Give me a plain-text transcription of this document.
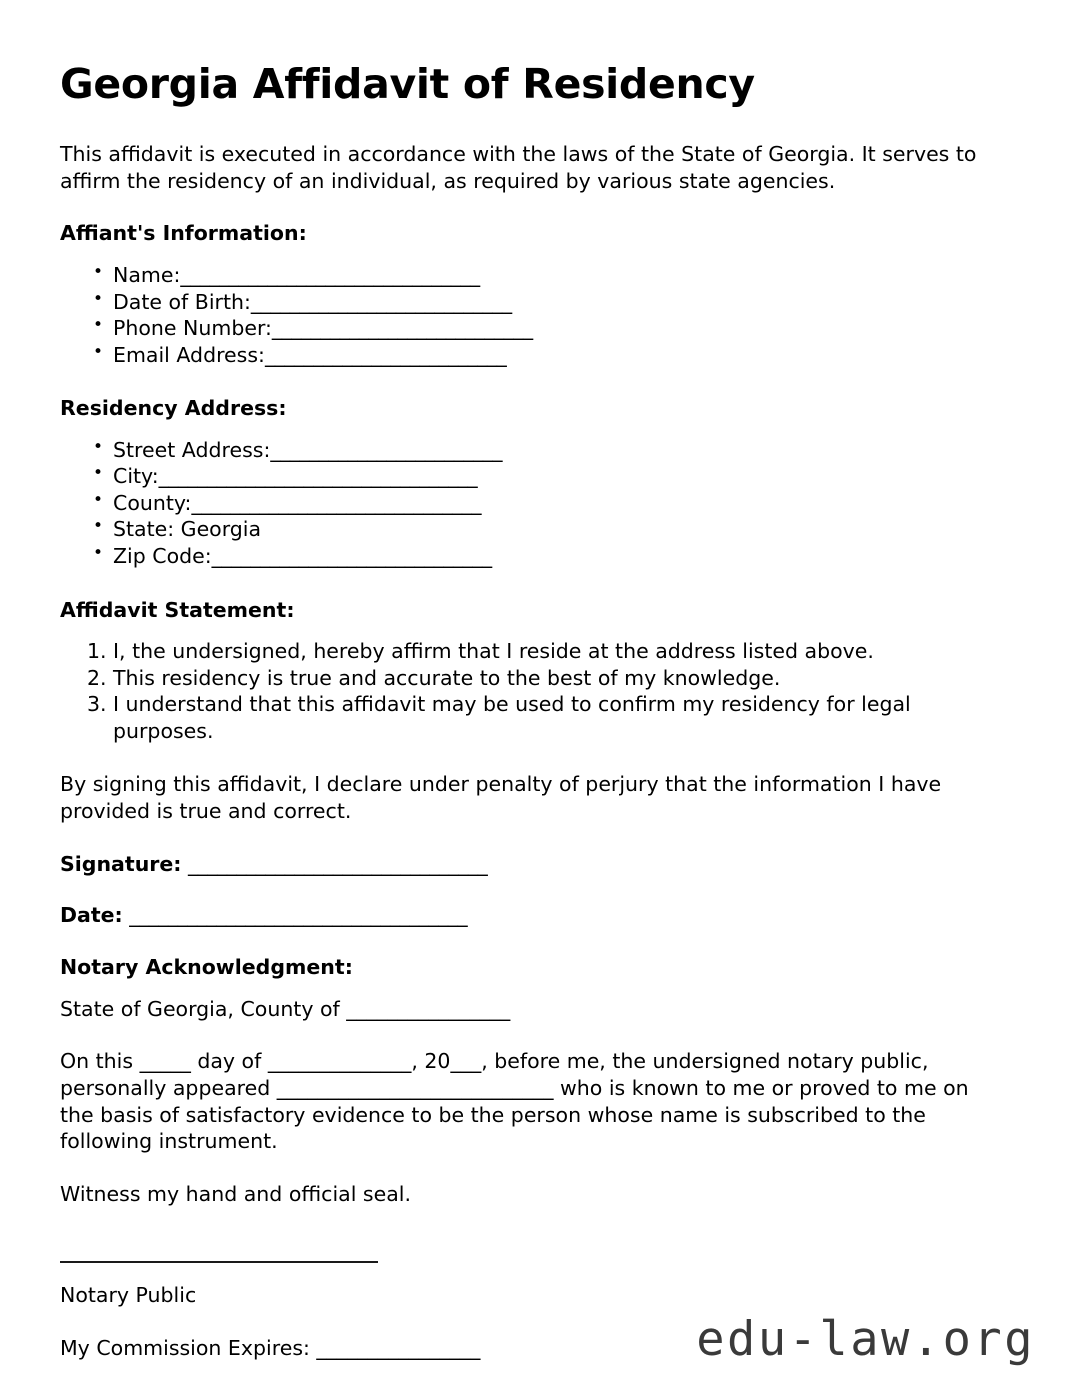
Georgia Affidavit of Residency

This affidavit is executed in accordance with the laws of the State of Georgia. It serves to affirm the residency of an individual, as required by various state agencies.

Affiant's Information:
• Name:_______________________________
• Date of Birth:___________________________
• Phone Number:___________________________
• Email Address:_________________________
Residency Address:
• Street Address:________________________
• City:_________________________________
• County:______________________________
• State: Georgia
• Zip Code:_____________________________
Affidavit Statement:
I, the undersigned, hereby affirm that I reside at the address listed above.
This residency is true and accurate to the best of my knowledge.
I understand that this affidavit may be used to confirm my residency for legal purposes.

By signing this affidavit, I declare under penalty of perjury that the information I have provided is true and correct.

Signature: _______________________________
Date: ___________________________________
Notary Acknowledgment:

State of Georgia, County of ________________

On this _____ day of ______________, 20___, before me, the undersigned notary public, personally appeared ___________________________ who is known to me or proved to me on the basis of satisfactory evidence to be the person whose name is subscribed to the following instrument.

Witness my hand and official seal.

Notary Public

My Commission Expires: ________________	edu-law.org
